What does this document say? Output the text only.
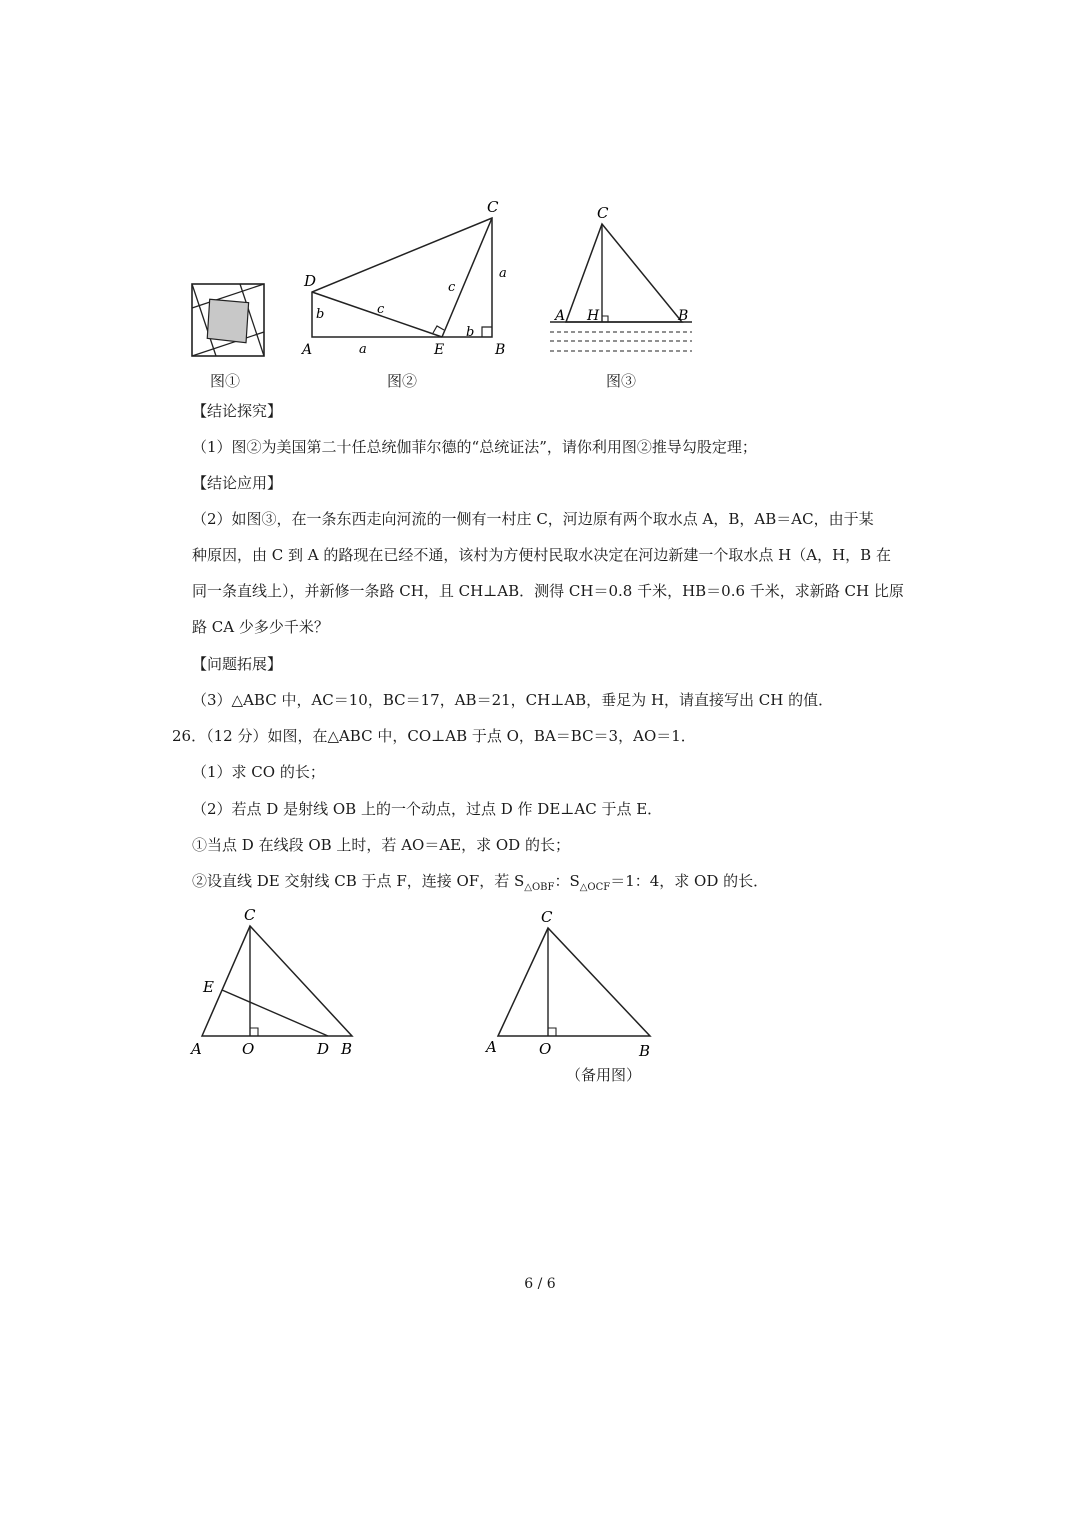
图①
D
C
A	E	B
b
a
c
c
a
b
图②
C
A H	B
图③
【结论探究】
（1）图②为美国第二十任总统伽菲尔德的“总统证法”，请你利用图②推导勾股定理；
【结论应用】
（2）如图③，在一条东西走向河流的一侧有一村庄 C，河边原有两个取水点 A，B，AB＝AC，由于某
种原因，由 C 到 A 的路现在已经不通，该村为方便村民取水决定在河边新建一个取水点 H（A，H，B 在
同一条直线上），并新修一条路 CH，且 CH⊥AB．测得 CH＝0.8 千米，HB＝0.6 千米，求新路 CH 比原
路 CA 少多少千米？
【问题拓展】
（3）△ABC 中，AC＝10，BC＝17，AB＝21，CH⊥AB，垂足为 H，请直接写出 CH 的值．
26．（12 分）如图，在△ABC 中，CO⊥AB 于点 O，BA＝BC＝3，AO＝1．
（1）求 CO 的长；
（2）若点 D 是射线 OB 上的一个动点，过点 D 作 DE⊥AC 于点 E．
①当点 D 在线段 OB 上时，若 AO＝AE，求 OD 的长；
②设直线 DE 交射线 CB 于点 F，连接 OF，若 $S_{\triangle OBF}$：$S_{\triangle OCF}=1$：4，求 OD 的长．
C
E
A	O	D B
C
A	O	B
（备用图）
6 / 6
